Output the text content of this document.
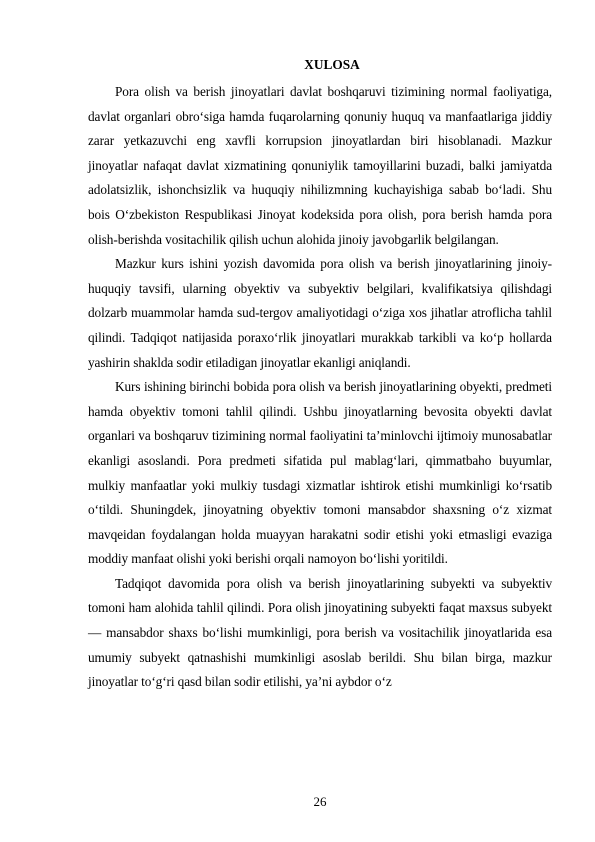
XULOSA

Pora olish va berish jinoyatlari davlat boshqaruvi tizimining normal faoliyatiga, davlat organlari obro‘siga hamda fuqarolarning qonuniy huquq va manfaatlariga jiddiy zarar yetkazuvchi eng xavfli korrupsion jinoyatlardan biri hisoblanadi. Mazkur jinoyatlar nafaqat davlat xizmatining qonuniylik tamoyillarini buzadi, balki jamiyatda adolatsizlik, ishonchsizlik va huquqiy nihilizmning kuchayishiga sabab bo‘ladi. Shu bois O‘zbekiston Respublikasi Jinoyat kodeksida pora olish, pora berish hamda pora olish-berishda vositachilik qilish uchun alohida jinoiy javobgarlik belgilangan.

Mazkur kurs ishini yozish davomida pora olish va berish jinoyatlarining jinoiy-huquqiy tavsifi, ularning obyektiv va subyektiv belgilari, kvalifikatsiya qilishdagi dolzarb muammolar hamda sud-tergov amaliyotidagi o‘ziga xos jihatlar atroflicha tahlil qilindi. Tadqiqot natijasida poraxo‘rlik jinoyatlari murakkab tarkibli va ko‘p hollarda yashirin shaklda sodir etiladigan jinoyatlar ekanligi aniqlandi.

Kurs ishining birinchi bobida pora olish va berish jinoyatlarining obyekti, predmeti hamda obyektiv tomoni tahlil qilindi. Ushbu jinoyatlarning bevosita obyekti davlat organlari va boshqaruv tizimining normal faoliyatini ta’minlovchi ijtimoiy munosabatlar ekanligi asoslandi. Pora predmeti sifatida pul mablag‘lari, qimmatbaho buyumlar, mulkiy manfaatlar yoki mulkiy tusdagi xizmatlar ishtirok etishi mumkinligi ko‘rsatib o‘tildi. Shuningdek, jinoyatning obyektiv tomoni mansabdor shaxsning o‘z xizmat mavqeidan foydalangan holda muayyan harakatni sodir etishi yoki etmasligi evaziga moddiy manfaat olishi yoki berishi orqali namoyon bo‘lishi yoritildi.

Tadqiqot davomida pora olish va berish jinoyatlarining subyekti va subyektiv tomoni ham alohida tahlil qilindi. Pora olish jinoyatining subyekti faqat maxsus subyekt — mansabdor shaxs bo‘lishi mumkinligi, pora berish va vositachilik jinoyatlarida esa umumiy subyekt qatnashishi mumkinligi asoslab berildi. Shu bilan birga, mazkur jinoyatlar to‘g‘ri qasd bilan sodir etilishi, ya’ni aybdor o‘z

26
